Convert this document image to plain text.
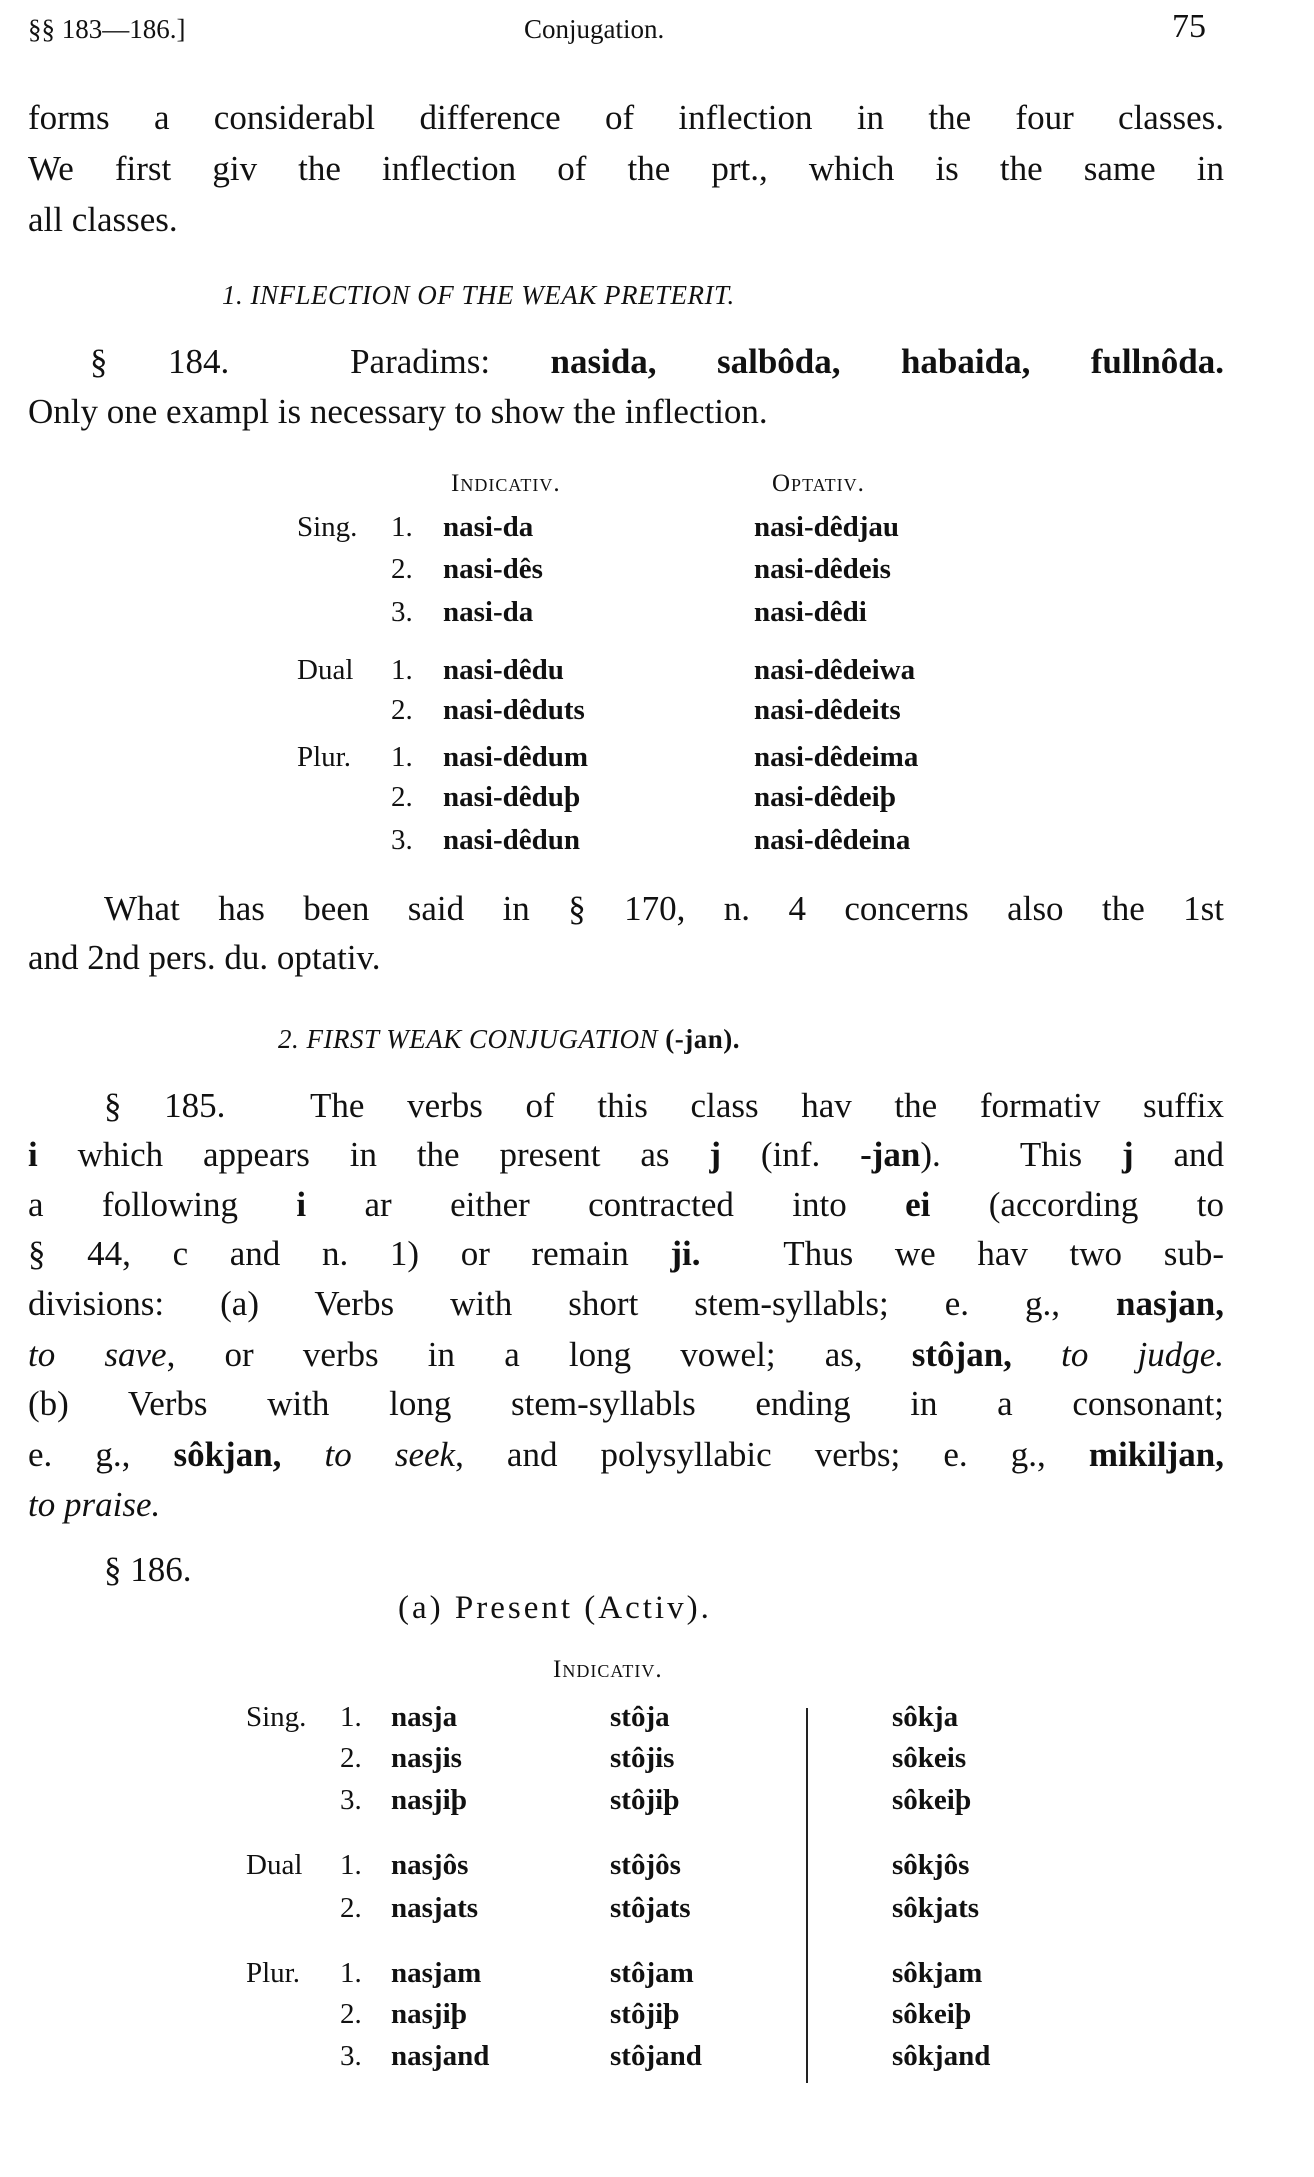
§§ 183—186.]	Conjugation.	75
forms a considerabl difference of inflection in the four classes.
We first giv the inflection of the prt., which is the same in
all classes.
1. INFLECTION OF THE WEAK PRETERIT.
§ 184.  Paradims: nasida, salbôda, habaida, fullnôda.
Only one exampl is necessary to show the inflection.
Indicativ.	Optativ.
Sing. 1. nasi-da	nasi-dêdjau
2. nasi-dês	nasi-dêdeis
3. nasi-da	nasi-dêdi
Dual 1. nasi-dêdu	nasi-dêdeiwa
2. nasi-dêduts	nasi-dêdeits
Plur. 1. nasi-dêdum	nasi-dêdeima
2. nasi-dêduþ	nasi-dêdeiþ
3. nasi-dêdun	nasi-dêdeina
What has been said in § 170, n. 4 concerns also the 1st
and 2nd pers. du. optativ.
2. FIRST WEAK CONJUGATION (-jan).
§ 185.  The verbs of this class hav the formativ suffix
i which appears in the present as j (inf. -jan).  This j and
a following i ar either contracted into ei (according to
§ 44, c and n. 1) or remain ji.  Thus we hav two sub-
divisions: (a) Verbs with short stem-syllabls; e. g., nasjan,
to save, or verbs in a long vowel; as, stôjan, to judge.
(b) Verbs with long stem-syllabls ending in a consonant;
e. g., sôkjan, to seek, and polysyllabic verbs; e. g., mikiljan,
to praise.
§ 186.
(a) Present (Activ).
Indicativ.
Sing. 1. nasja	stôja	sôkja
2. nasjis	stôjis	sôkeis
3. nasjiþ	stôjiþ	sôkeiþ
Dual 1. nasjôs	stôjôs	sôkjôs
2. nasjats	stôjats	sôkjats
Plur. 1. nasjam	stôjam	sôkjam
2. nasjiþ	stôjiþ	sôkeiþ
3. nasjand	stôjand	sôkjand
